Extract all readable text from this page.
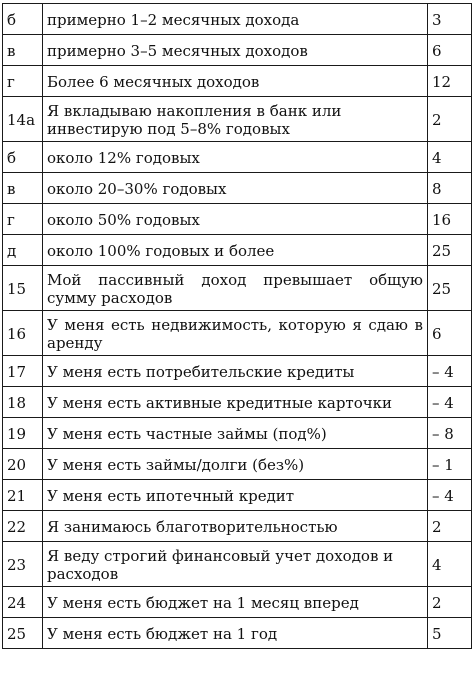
б	примерно 1–2 месячных дохода	3
в	примерно 3–5 месячных доходов	6
г	Более 6 месячных доходов	12
14а	Я вкладываю накопления в банк или инвестирую под 5–8% годовых	2
б	около 12% годовых	4
в	около 20–30% годовых	8
г	около 50% годовых	16
д	около 100% годовых и более	25
15	Мой пассивный доход превышает общую сумму расходов	25
16	У меня есть недвижимость, которую я сдаю в аренду	6
17	У меня есть потребительские кредиты	– 4
18	У меня есть активные кредитные карточки	– 4
19	У меня есть частные займы (под%)	– 8
20	У меня есть займы/долги (без%)	– 1
21	У меня есть ипотечный кредит	– 4
22	Я занимаюсь благотворительностью	2
23	Я веду строгий финансовый учет доходов и расходов	4
24	У меня есть бюджет на 1 месяц вперед	2
25	У меня есть бюджет на 1 год	5
